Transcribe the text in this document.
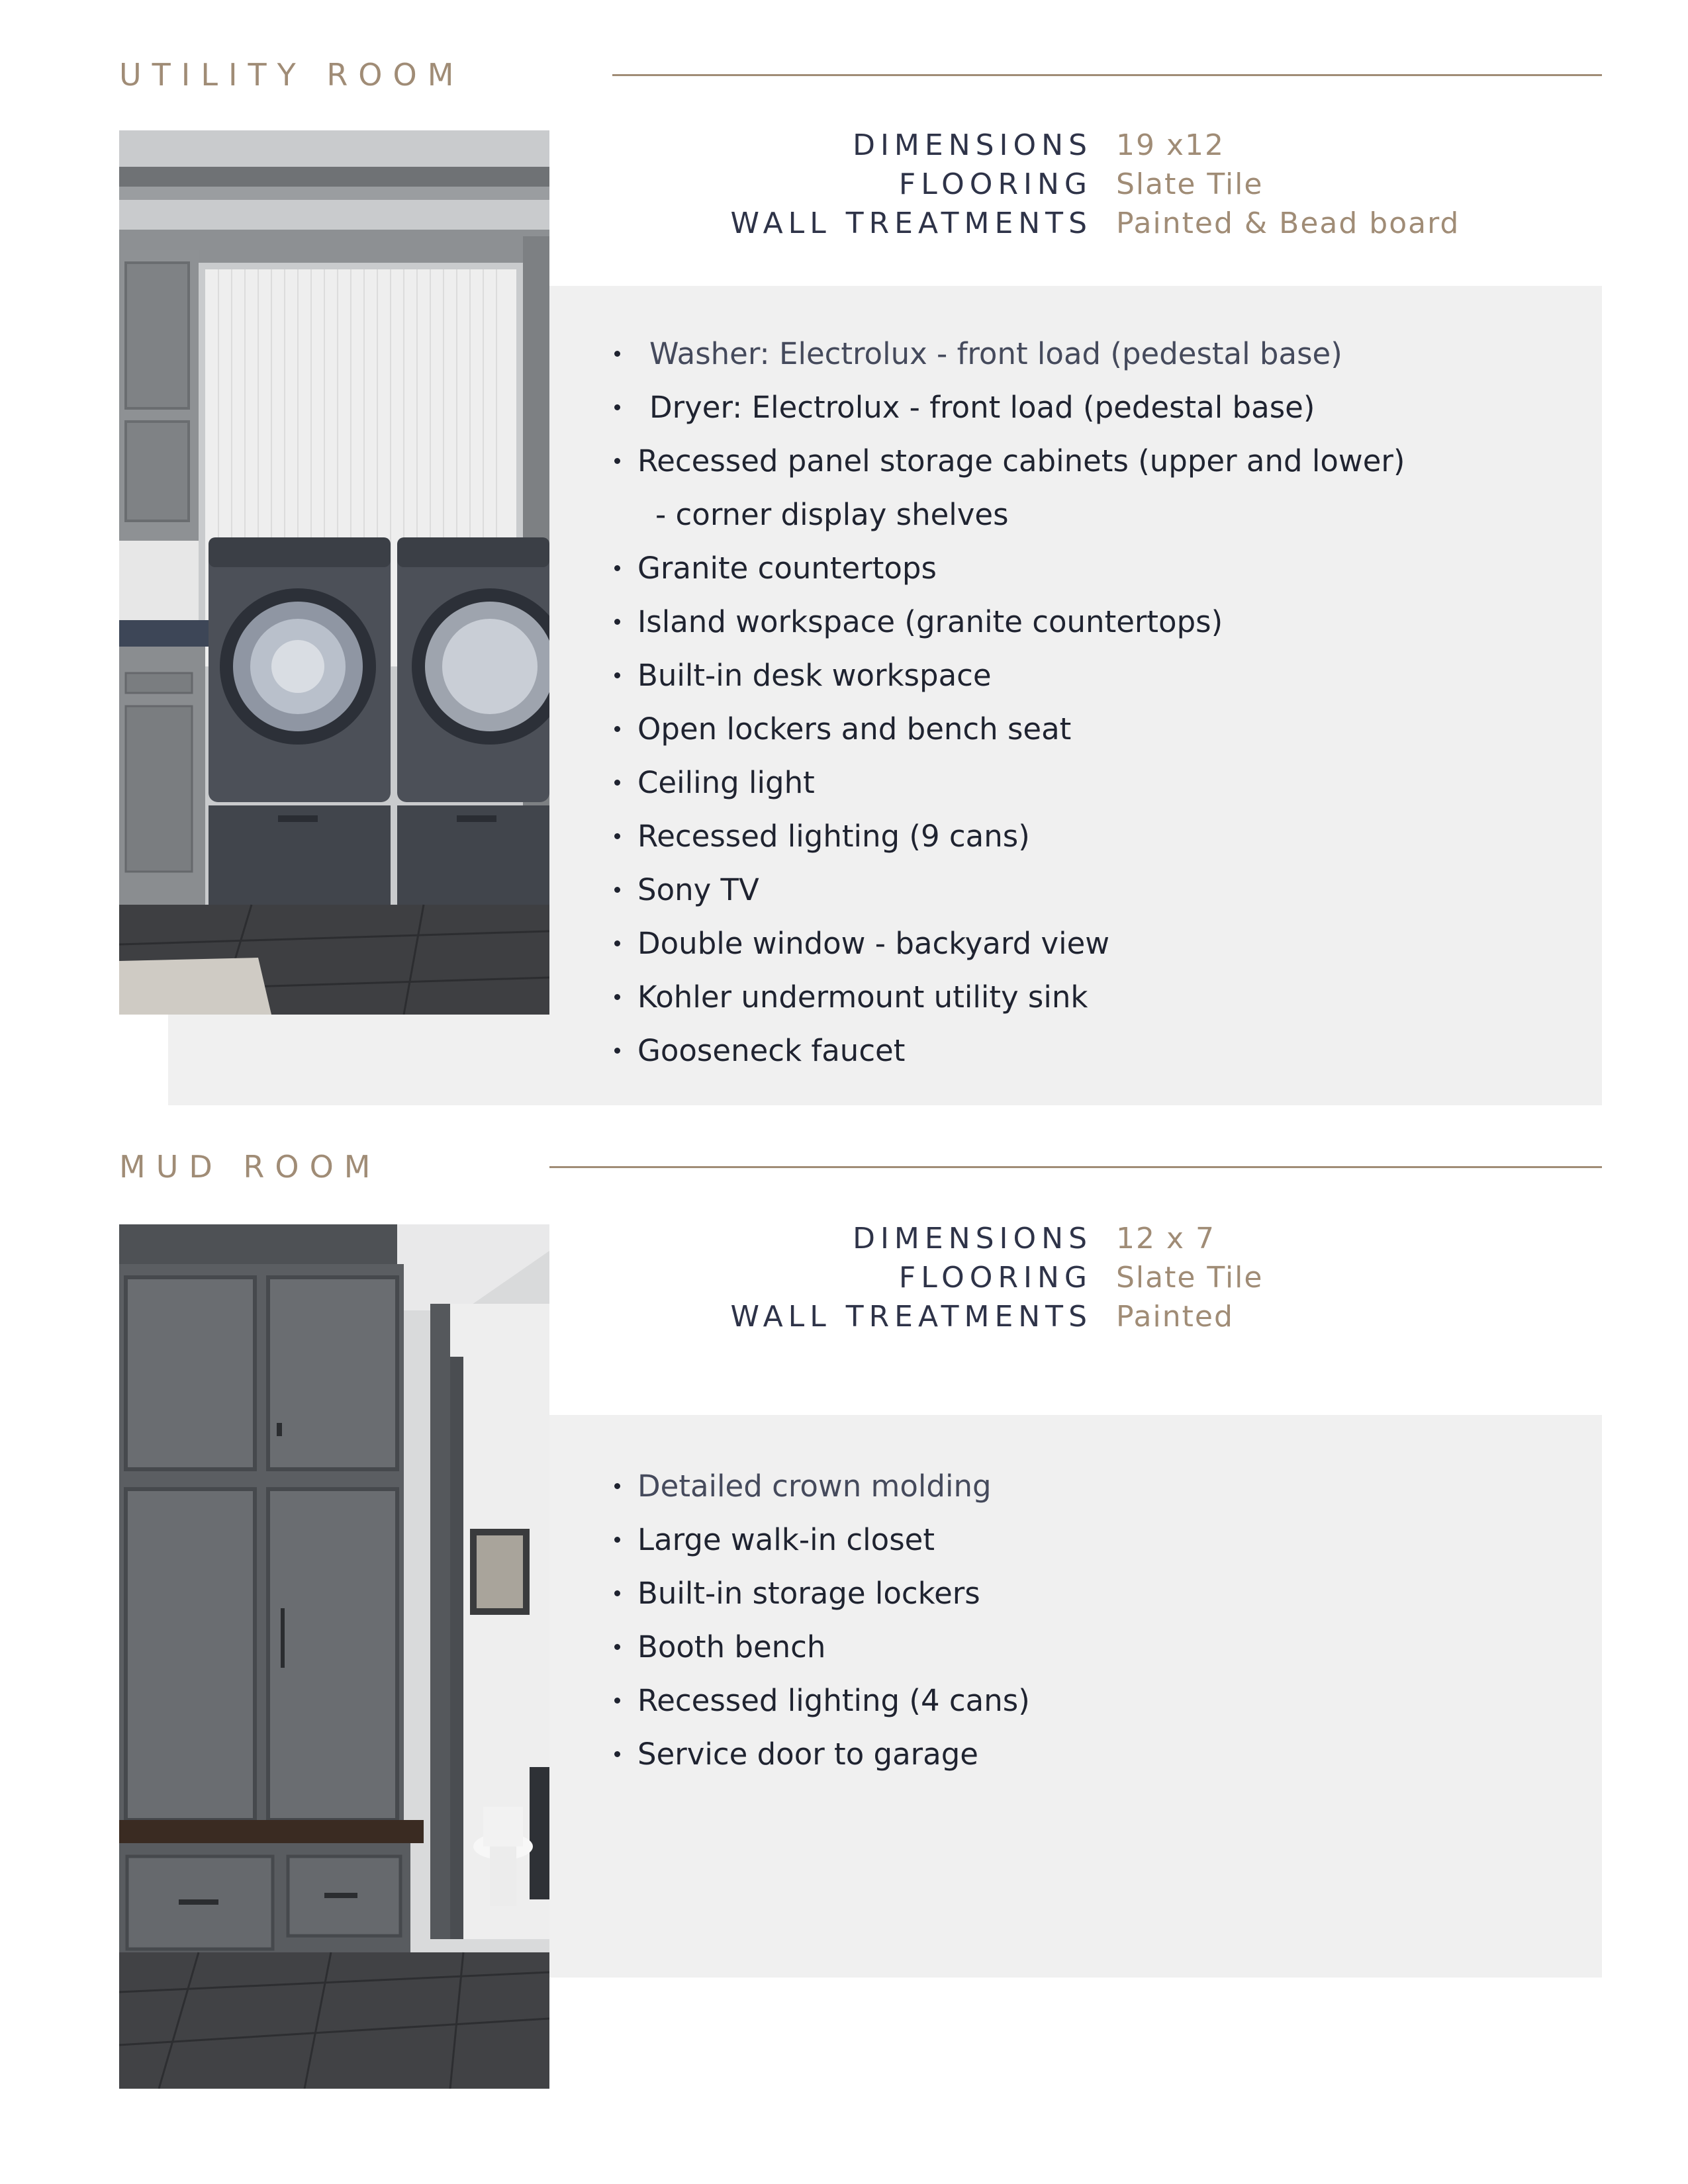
UTILITY ROOM
DIMENSIONS 19 x12
FLOORING Slate Tile
WALL TREATMENTS Painted & Bead board
Washer: Electrolux - front load (pedestal base)
Dryer: Electrolux - front load (pedestal base)
Recessed panel storage cabinets (upper and lower)
- corner display shelves
Granite countertops
Island workspace (granite countertops)
Built-in desk workspace
Open lockers and bench seat
Ceiling light
Recessed lighting (9 cans)
Sony TV
Double window - backyard view
Kohler undermount utility sink
Gooseneck faucet
MUD ROOM
DIMENSIONS 12 x 7
FLOORING Slate Tile
WALL TREATMENTS Painted
Detailed crown molding
Large walk-in closet
Built-in storage lockers
Booth bench
Recessed lighting (4 cans)
Service door to garage
